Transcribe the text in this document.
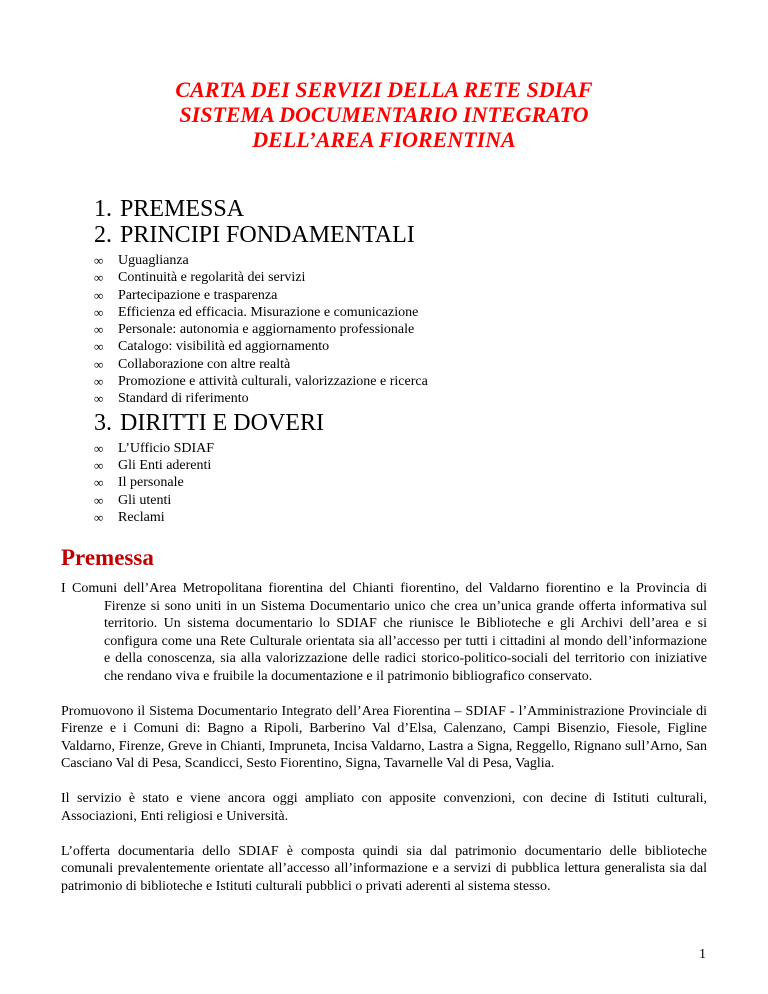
CARTA DEI SERVIZI DELLA RETE SDIAF
SISTEMA DOCUMENTARIO INTEGRATO
DELL’AREA FIORENTINA
1. PREMESSA
2. PRINCIPI FONDAMENTALI
∞ Uguaglianza
∞ Continuità e regolarità dei servizi
∞ Partecipazione e trasparenza
∞ Efficienza ed efficacia. Misurazione e comunicazione
∞ Personale: autonomia e aggiornamento professionale
∞ Catalogo: visibilità ed aggiornamento
∞ Collaborazione con altre realtà
∞ Promozione e attività culturali, valorizzazione e ricerca
∞ Standard di riferimento
3. DIRITTI E DOVERI
∞ L’Ufficio SDIAF
∞ Gli Enti aderenti
∞ Il personale
∞ Gli utenti
∞ Reclami
Premessa

I Comuni dell’Area Metropolitana fiorentina del Chianti fiorentino, del Valdarno fiorentino e la Provincia di Firenze si sono uniti in un Sistema Documentario unico che crea un’unica grande offerta informativa sul territorio. Un sistema documentario lo SDIAF che riunisce le Biblioteche e gli Archivi dell’area e si configura come una Rete Culturale orientata sia all’accesso per tutti i cittadini al mondo dell’informazione e della conoscenza, sia alla valorizzazione delle radici storico-politico-sociali del territorio con iniziative che rendano viva e fruibile la documentazione e il patrimonio bibliografico conservato.

Promuovono il Sistema Documentario Integrato dell’Area Fiorentina – SDIAF - l’Amministrazione Provinciale di Firenze e i Comuni di: Bagno a Ripoli, Barberino Val d’Elsa, Calenzano, Campi Bisenzio, Fiesole, Figline Valdarno, Firenze, Greve in Chianti, Impruneta, Incisa Valdarno, Lastra a Signa, Reggello, Rignano sull’Arno, San Casciano Val di Pesa, Scandicci, Sesto Fiorentino, Signa, Tavarnelle Val di Pesa, Vaglia.

Il servizio è stato e viene ancora oggi ampliato con apposite convenzioni, con decine di Istituti culturali, Associazioni, Enti religiosi e Università.

L’offerta documentaria dello SDIAF è composta quindi sia dal patrimonio documentario delle biblioteche comunali prevalentemente orientate all’accesso all’informazione e a servizi di pubblica lettura generalista sia dal patrimonio di biblioteche e Istituti culturali pubblici o privati aderenti al sistema stesso.

1
